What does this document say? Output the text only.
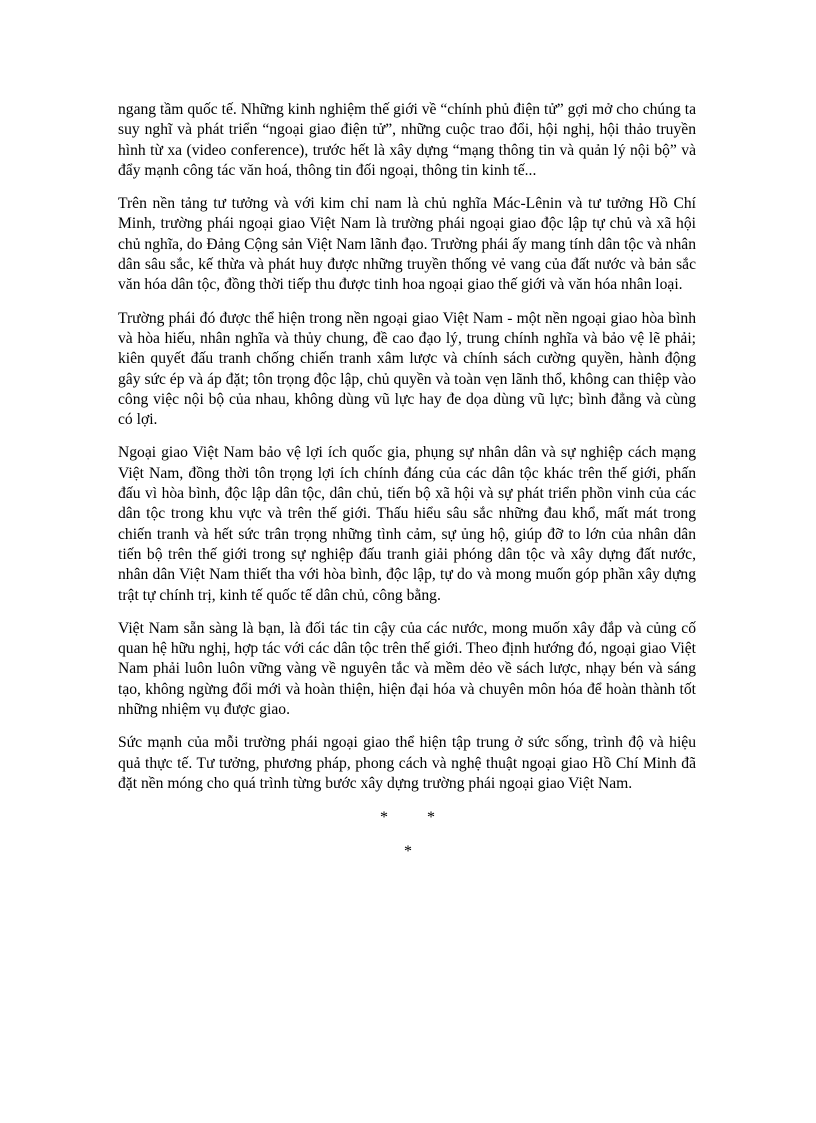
ngang tầm quốc tế. Những kinh nghiệm thế giới về “chính phủ điện tử” gợi mở cho chúng ta suy nghĩ và phát triển “ngoại giao điện tử”, những cuộc trao đổi, hội nghị, hội thảo truyền hình từ xa (video conference), trước hết là xây dựng “mạng thông tin và quản lý nội bộ” và đẩy mạnh công tác văn hoá, thông tin đối ngoại, thông tin kinh tế...

Trên nền tảng tư tưởng và với kim chỉ nam là chủ nghĩa Mác-Lênin và tư tưởng Hồ Chí Minh, trường phái ngoại giao Việt Nam là trường phái ngoại giao độc lập tự chủ và xã hội chủ nghĩa, do Đảng Cộng sản Việt Nam lãnh đạo. Trường phái ấy mang tính dân tộc và nhân dân sâu sắc, kế thừa và phát huy được những truyền thống vẻ vang của đất nước và bản sắc văn hóa dân tộc, đồng thời tiếp thu được tinh hoa ngoại giao thế giới và văn hóa nhân loại.

Trường phái đó được thể hiện trong nền ngoại giao Việt Nam - một nền ngoại giao hòa bình và hòa hiếu, nhân nghĩa và thủy chung, đề cao đạo lý, trung chính nghĩa và bảo vệ lẽ phải; kiên quyết đấu tranh chống chiến tranh xâm lược và chính sách cường quyền, hành động gây sức ép và áp đặt; tôn trọng độc lập, chủ quyền và toàn vẹn lãnh thổ, không can thiệp vào công việc nội bộ của nhau, không dùng vũ lực hay đe dọa dùng vũ lực; bình đẳng và cùng có lợi.

Ngoại giao Việt Nam bảo vệ lợi ích quốc gia, phụng sự nhân dân và sự nghiệp cách mạng Việt Nam, đồng thời tôn trọng lợi ích chính đáng của các dân tộc khác trên thế giới, phấn đấu vì hòa bình, độc lập dân tộc, dân chủ, tiến bộ xã hội và sự phát triển phồn vinh của các dân tộc trong khu vực và trên thế giới. Thấu hiểu sâu sắc những đau khổ, mất mát trong chiến tranh và hết sức trân trọng những tình cảm, sự ủng hộ, giúp đỡ to lớn của nhân dân tiến bộ trên thế giới trong sự nghiệp đấu tranh giải phóng dân tộc và xây dựng đất nước, nhân dân Việt Nam thiết tha với hòa bình, độc lập, tự do và mong muốn góp phần xây dựng trật tự chính trị, kinh tế quốc tế dân chủ, công bằng.

Việt Nam sẵn sàng là bạn, là đối tác tin cậy của các nước, mong muốn xây đắp và củng cố quan hệ hữu nghị, hợp tác với các dân tộc trên thế giới. Theo định hướng đó, ngoại giao Việt Nam phải luôn luôn vững vàng về nguyên tắc và mềm dẻo về sách lược, nhạy bén và sáng tạo, không ngừng đổi mới và hoàn thiện, hiện đại hóa và chuyên môn hóa để hoàn thành tốt những nhiệm vụ được giao.

Sức mạnh của mỗi trường phái ngoại giao thể hiện tập trung ở sức sống, trình độ và hiệu quả thực tế. Tư tưởng, phương pháp, phong cách và nghệ thuật ngoại giao Hồ Chí Minh đã đặt nền móng cho quá trình từng bước xây dựng trường phái ngoại giao Việt Nam.

* *
*
